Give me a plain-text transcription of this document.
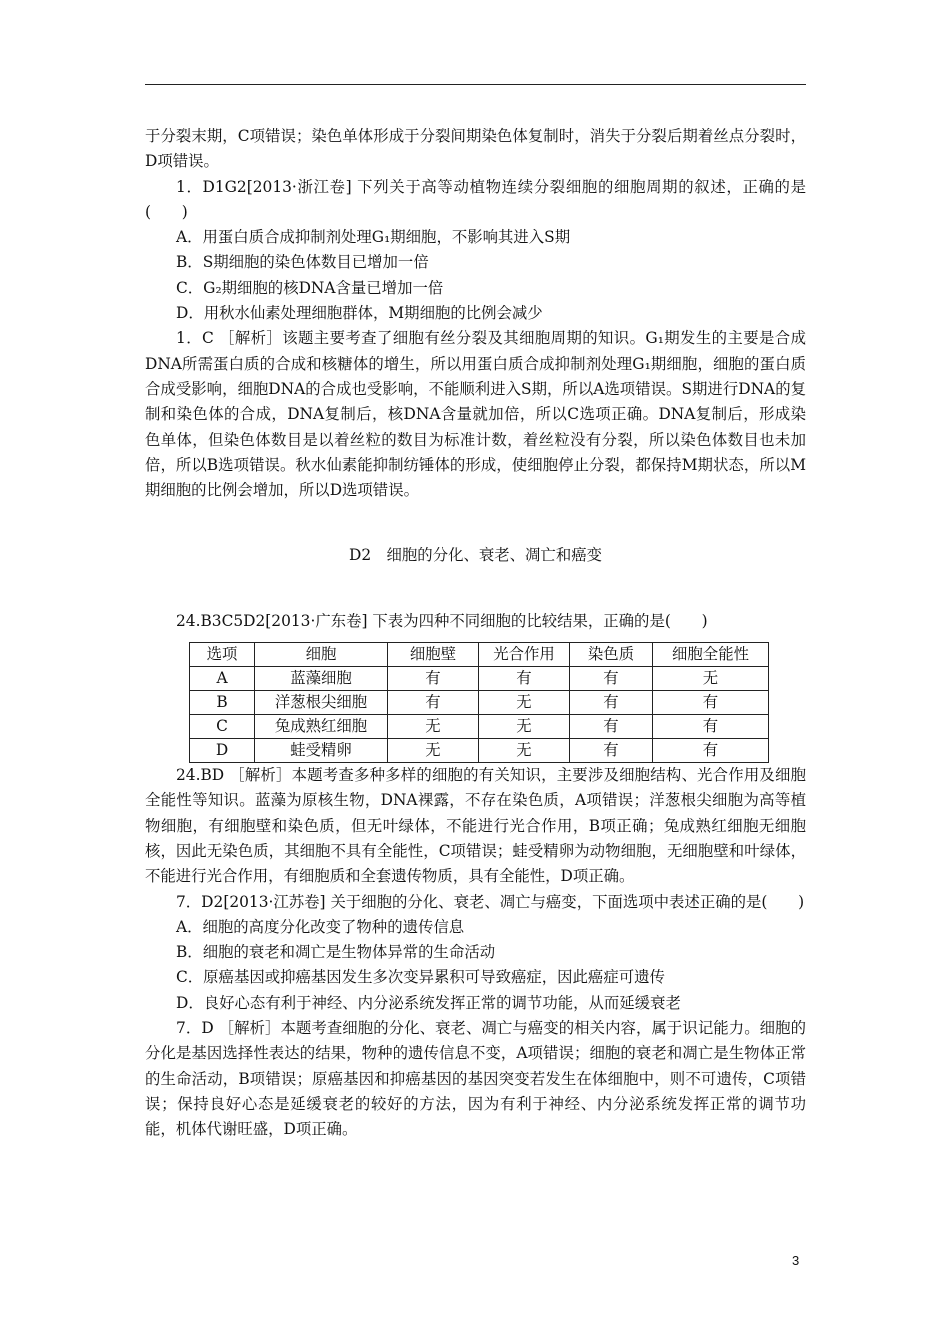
于分裂末期，C项错误；染色单体形成于分裂间期染色体复制时，消失于分裂后期着丝点分裂时，D项错误。

1．D1G2[2013·浙江卷] 下列关于高等动植物连续分裂细胞的细胞周期的叙述，正确的是(　　)

A．用蛋白质合成抑制剂处理G₁期细胞，不影响其进入S期

B．S期细胞的染色体数目已增加一倍

C．G₂期细胞的核DNA含量已增加一倍

D．用秋水仙素处理细胞群体，M期细胞的比例会减少

1．C ［解析］该题主要考查了细胞有丝分裂及其细胞周期的知识。G₁期发生的主要是合成DNA所需蛋白质的合成和核糖体的增生，所以用蛋白质合成抑制剂处理G₁期细胞，细胞的蛋白质合成受影响，细胞DNA的合成也受影响，不能顺利进入S期，所以A选项错误。S期进行DNA的复制和染色体的合成，DNA复制后，核DNA含量就加倍，所以C选项正确。DNA复制后，形成染色单体，但染色体数目是以着丝粒的数目为标准计数，着丝粒没有分裂，所以染色体数目也未加倍，所以B选项错误。秋水仙素能抑制纺锤体的形成，使细胞停止分裂，都保持M期状态，所以M期细胞的比例会增加，所以D选项错误。

D2　细胞的分化、衰老、凋亡和癌变

24.B3C5D2[2013·广东卷] 下表为四种不同细胞的比较结果，正确的是(　　)

选项	细胞	细胞壁	光合作用	染色质	细胞全能性
A	蓝藻细胞	有	有	有	无
B	洋葱根尖细胞	有	无	有	有
C	兔成熟红细胞	无	无	有	有
D	蛙受精卵	无	无	有	有

24.BD ［解析］本题考查多种多样的细胞的有关知识，主要涉及细胞结构、光合作用及细胞全能性等知识。蓝藻为原核生物，DNA裸露，不存在染色质，A项错误；洋葱根尖细胞为高等植物细胞，有细胞壁和染色质，但无叶绿体，不能进行光合作用，B项正确；兔成熟红细胞无细胞核，因此无染色质，其细胞不具有全能性，C项错误；蛙受精卵为动物细胞，无细胞壁和叶绿体，不能进行光合作用，有细胞质和全套遗传物质，具有全能性，D项正确。

7．D2[2013·江苏卷] 关于细胞的分化、衰老、凋亡与癌变，下面选项中表述正确的是(　　)

A．细胞的高度分化改变了物种的遗传信息

B．细胞的衰老和凋亡是生物体异常的生命活动

C．原癌基因或抑癌基因发生多次变异累积可导致癌症，因此癌症可遗传

D．良好心态有利于神经、内分泌系统发挥正常的调节功能，从而延缓衰老

7．D ［解析］本题考查细胞的分化、衰老、凋亡与癌变的相关内容，属于识记能力。细胞的分化是基因选择性表达的结果，物种的遗传信息不变，A项错误；细胞的衰老和凋亡是生物体正常的生命活动，B项错误；原癌基因和抑癌基因的基因突变若发生在体细胞中，则不可遗传，C项错误；保持良好心态是延缓衰老的较好的方法，因为有利于神经、内分泌系统发挥正常的调节功能，机体代谢旺盛，D项正确。

3
